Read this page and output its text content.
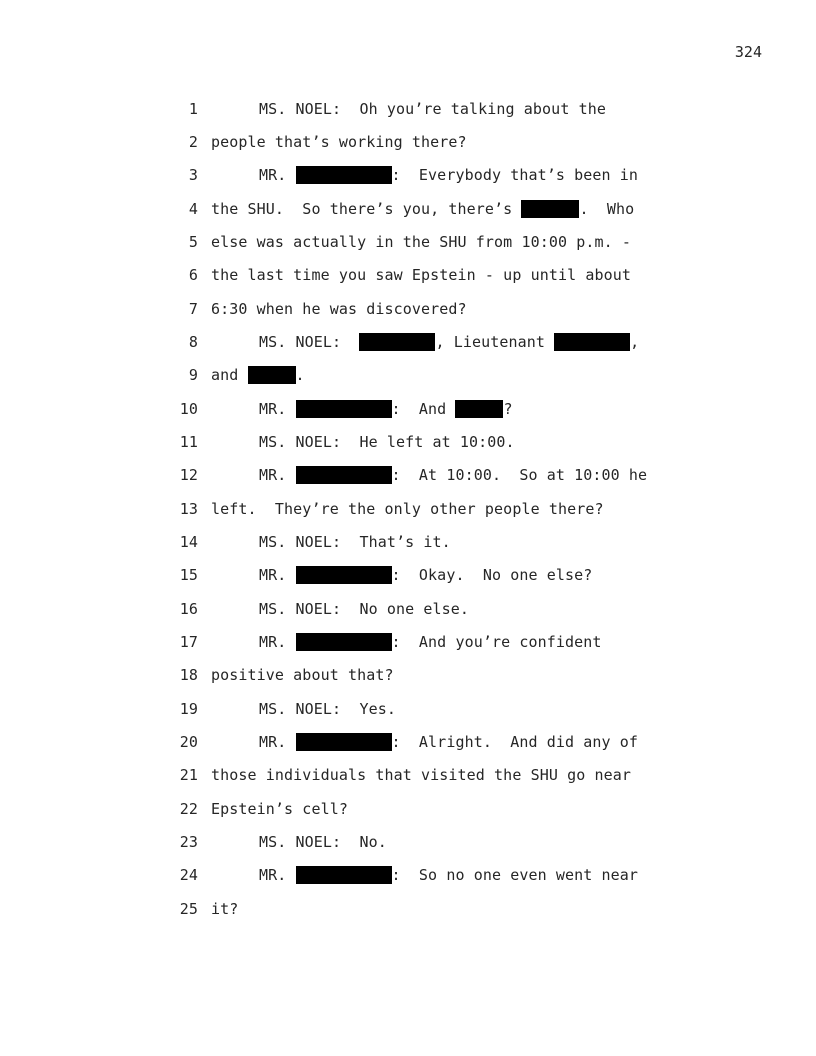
324
1	MS. NOEL:  Oh you’re talking about the
2 people that’s working there?
3	MR.	:  Everybody that’s been in
4 the SHU.  So there’s you, there’s	.  Who
5 else was actually in the SHU from 10:00 p.m. -
6 the last time you saw Epstein - up until about
7 6:30 when he was discovered?
8	MS. NOEL:	, Lieutenant	,
9 and	.
10	MR.	:  And	?
11	MS. NOEL:  He left at 10:00.
12	MR.	:  At 10:00.  So at 10:00 he
13 left.  They’re the only other people there?
14	MS. NOEL:  That’s it.
15	MR.	:  Okay.  No one else?
16	MS. NOEL:  No one else.
17	MR.	:  And you’re confident
18 positive about that?
19	MS. NOEL:  Yes.
20	MR.	:  Alright.  And did any of
21 those individuals that visited the SHU go near
22 Epstein’s cell?
23	MS. NOEL:  No.
24	MR.	:  So no one even went near
25 it?
